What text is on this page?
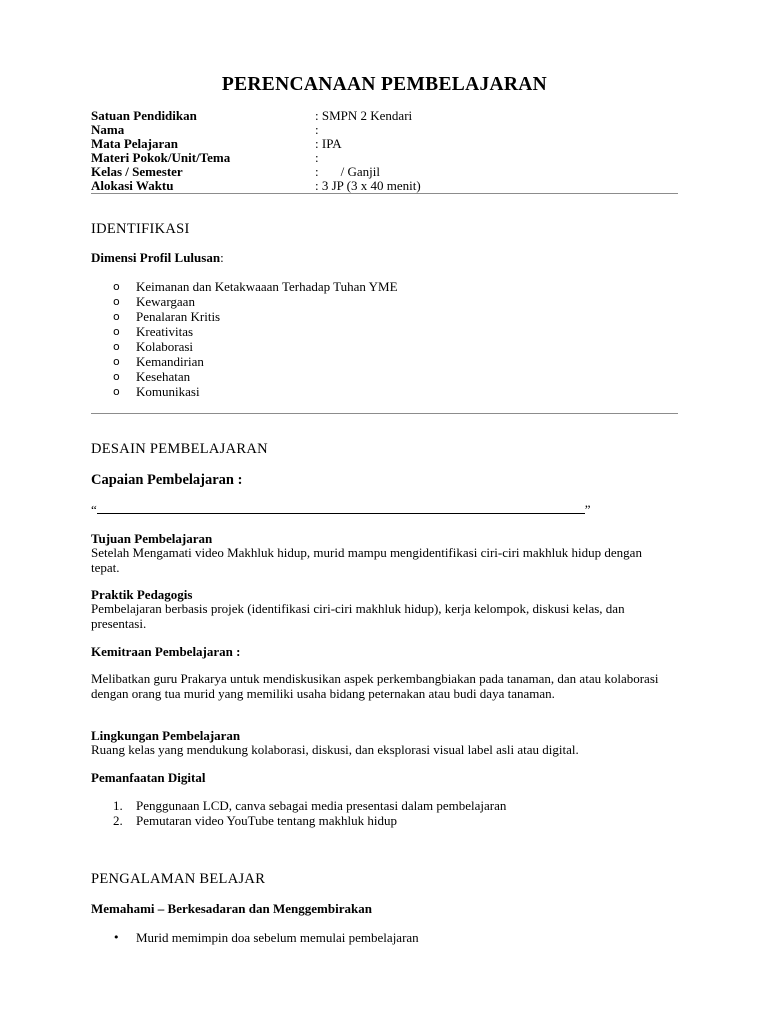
PERENCANAAN PEMBELAJARAN
Satuan Pendidikan	: SMPN 2 Kendari
Nama	:
Mata Pelajaran	: IPA
Materi Pokok/Unit/Tema	:
Kelas / Semester	: / Ganjil
Alokasi Waktu	: 3 JP (3 x 40 menit)
IDENTIFIKASI
Dimensi Profil Lulusan:
o Keimanan dan Ketakwaaan Terhadap Tuhan YME
o Kewargaan
o Penalaran Kritis
o Kreativitas
o Kolaborasi
o Kemandirian
o Kesehatan
o Komunikasi
DESAIN PEMBELAJARAN
Capaian Pembelajaran :
“	”
Tujuan Pembelajaran
Setelah Mengamati video Makhluk hidup, murid mampu mengidentifikasi ciri-ciri makhluk hidup dengan tepat.
Praktik Pedagogis
Pembelajaran berbasis projek (identifikasi ciri-ciri makhluk hidup), kerja kelompok, diskusi kelas, dan presentasi.
Kemitraan Pembelajaran :
Melibatkan guru Prakarya untuk mendiskusikan aspek perkembangbiakan pada tanaman, dan atau kolaborasi dengan orang tua murid yang memiliki usaha bidang peternakan atau budi daya tanaman.
Lingkungan Pembelajaran
Ruang kelas yang mendukung kolaborasi, diskusi, dan eksplorasi visual label asli atau digital.
Pemanfaatan Digital
1. Penggunaan LCD, canva sebagai media presentasi dalam pembelajaran
2. Pemutaran video YouTube tentang makhluk hidup
PENGALAMAN BELAJAR
Memahami – Berkesadaran dan Menggembirakan
• Murid memimpin doa sebelum memulai pembelajaran
